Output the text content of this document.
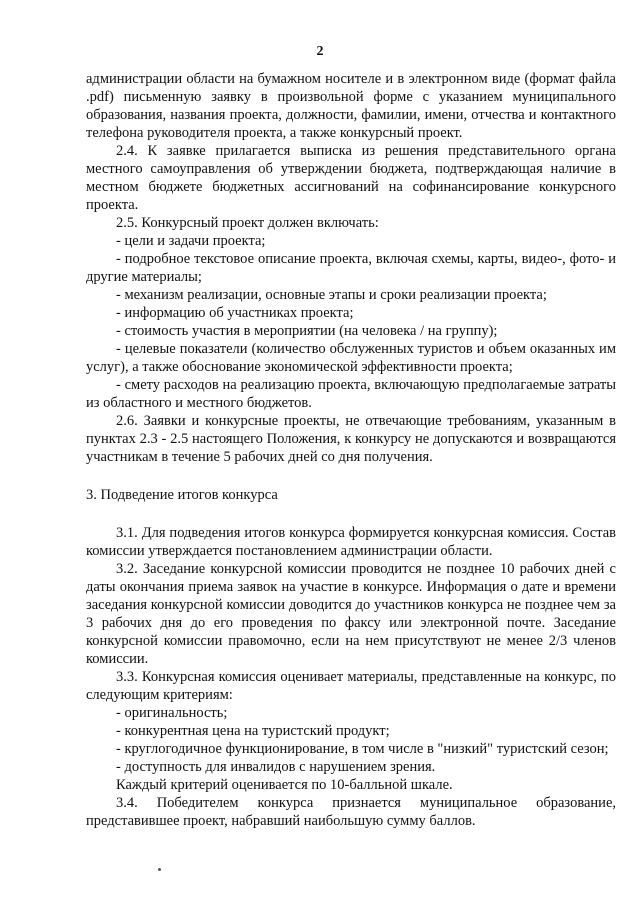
2
администрации области на бумажном носителе и в электронном виде (формат файла .pdf) письменную заявку в произвольной форме с указанием муниципального образования, названия проекта, должности, фамилии, имени, отчества и контактного телефона руководителя проекта, а также конкурсный проект.
2.4. К заявке прилагается выписка из решения представительного органа местного самоуправления об утверждении бюджета, подтверждающая наличие в местном бюджете бюджетных ассигнований на софинансирование конкурсного проекта.
2.5. Конкурсный проект должен включать:
- цели и задачи проекта;
- подробное текстовое описание проекта, включая схемы, карты, видео-, фото- и другие материалы;
- механизм реализации, основные этапы и сроки реализации проекта;
- информацию об участниках проекта;
- стоимость участия в мероприятии (на человека / на группу);
- целевые показатели (количество обслуженных туристов и объем оказанных им услуг), а также обоснование экономической эффективности проекта;
- смету расходов на реализацию проекта, включающую предполагаемые затраты из областного и местного бюджетов.
2.6. Заявки и конкурсные проекты, не отвечающие требованиям, указанным в пунктах 2.3 - 2.5 настоящего Положения, к конкурсу не допускаются и возвращаются участникам в течение 5 рабочих дней со дня получения.
3. Подведение итогов конкурса
3.1. Для подведения итогов конкурса формируется конкурсная комиссия. Состав комиссии утверждается постановлением администрации области.
3.2. Заседание конкурсной комиссии проводится не позднее 10 рабочих дней с даты окончания приема заявок на участие в конкурсе. Информация о дате и времени заседания конкурсной комиссии доводится до участников конкурса не позднее чем за 3 рабочих дня до его проведения по факсу или электронной почте. Заседание конкурсной комиссии правомочно, если на нем присутствуют не менее 2/3 членов комиссии.
3.3. Конкурсная комиссия оценивает материалы, представленные на конкурс, по следующим критериям:
- оригинальность;
- конкурентная цена на туристский продукт;
- круглогодичное функционирование, в том числе в "низкий" туристский сезон;
- доступность для инвалидов с нарушением зрения.
Каждый критерий оценивается по 10-балльной шкале.
3.4. Победителем конкурса признается муниципальное образование, представившее проект, набравший наибольшую сумму баллов.
